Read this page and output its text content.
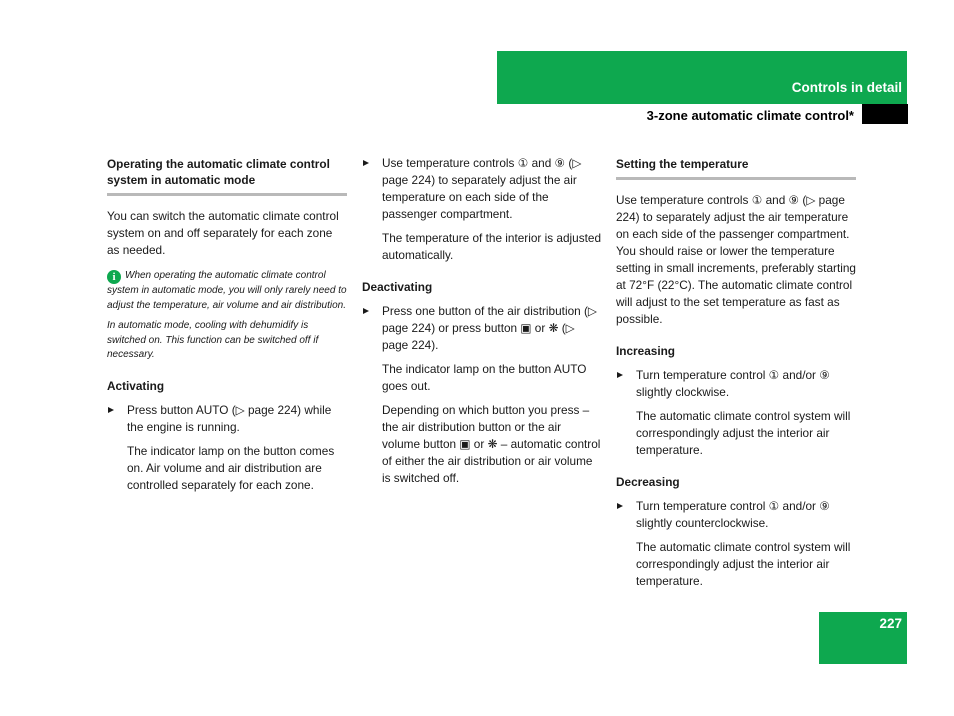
Controls in detail
3-zone automatic climate control*
Operating the automatic climate control system in automatic mode

You can switch the automatic climate control system on and off separately for each zone as needed.

i When operating the automatic climate control system in automatic mode, you will only rarely need to adjust the temperature, air volume and air distribution.
In automatic mode, cooling with dehumidify is switched on. This function can be switched off if necessary.
Activating
Press button AUTO (▷ page 224) while the engine is running.
The indicator lamp on the button comes on. Air volume and air distribution are controlled separately for each zone.
Use temperature controls ① and ⑨ (▷ page 224) to separately adjust the air temperature on each side of the passenger compartment.
The temperature of the interior is adjusted automatically.
Deactivating
Press one button of the air distribution (▷ page 224) or press button ▣ or ❋ (▷ page 224).
The indicator lamp on the button AUTO goes out.
Depending on which button you press – the air distribution button or the air volume button ▣ or ❋ – automatic control of either the air distribution or air volume is switched off.
Setting the temperature

Use temperature controls ① and ⑨ (▷ page 224) to separately adjust the air temperature on each side of the passenger compartment. You should raise or lower the temperature setting in small increments, preferably starting at 72°F (22°C). The automatic climate control will adjust to the set temperature as fast as possible.

Increasing
Turn temperature control ① and/or ⑨ slightly clockwise.
The automatic climate control system will correspondingly adjust the interior air temperature.
Decreasing
Turn temperature control ① and/or ⑨ slightly counterclockwise.
The automatic climate control system will correspondingly adjust the interior air temperature.
227
